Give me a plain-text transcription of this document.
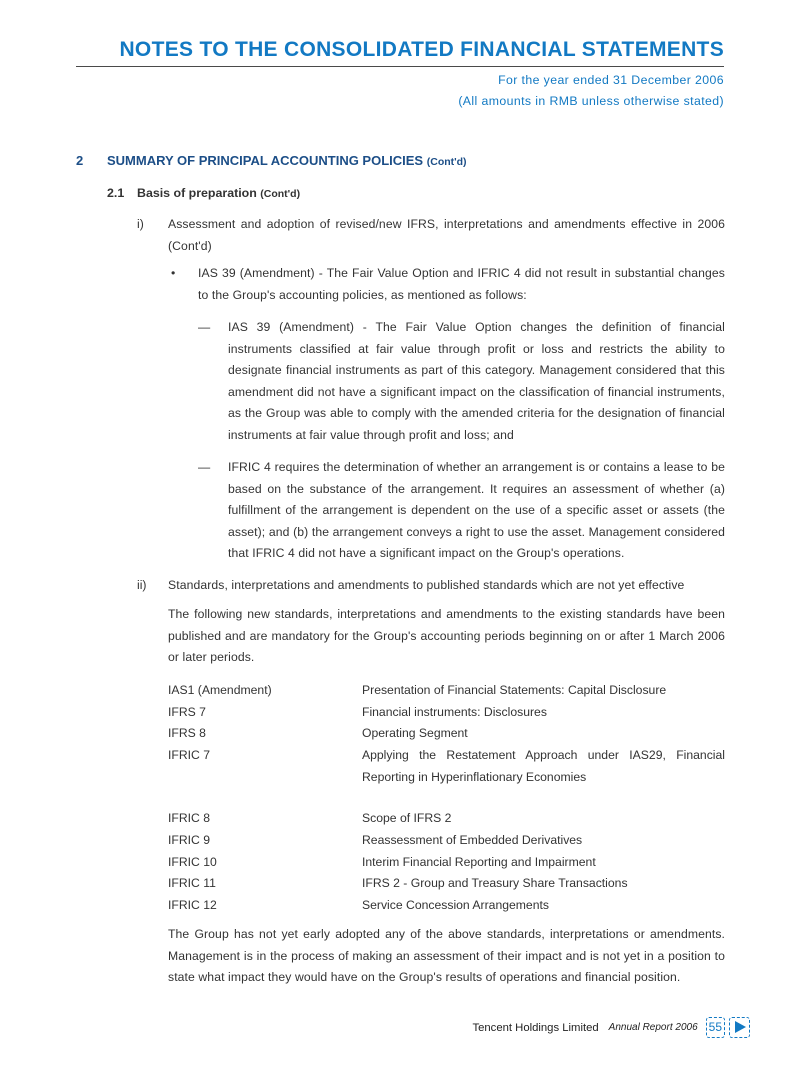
NOTES TO THE CONSOLIDATED FINANCIAL STATEMENTS
For the year ended 31 December 2006
(All amounts in RMB unless otherwise stated)
2 SUMMARY OF PRINCIPAL ACCOUNTING POLICIES (Cont'd)
2.1 Basis of preparation (Cont'd)
i) Assessment and adoption of revised/new IFRS, interpretations and amendments effective in 2006 (Cont'd)
• IAS 39 (Amendment) - The Fair Value Option and IFRIC 4 did not result in substantial changes to the Group's accounting policies, as mentioned as follows:
— IAS 39 (Amendment) - The Fair Value Option changes the definition of financial instruments classified at fair value through profit or loss and restricts the ability to designate financial instruments as part of this category. Management considered that this amendment did not have a significant impact on the classification of financial instruments, as the Group was able to comply with the amended criteria for the designation of financial instruments at fair value through profit and loss; and
— IFRIC 4 requires the determination of whether an arrangement is or contains a lease to be based on the substance of the arrangement. It requires an assessment of whether (a) fulfillment of the arrangement is dependent on the use of a specific asset or assets (the asset); and (b) the arrangement conveys a right to use the asset. Management considered that IFRIC 4 did not have a significant impact on the Group's operations.
ii) Standards, interpretations and amendments to published standards which are not yet effective
The following new standards, interpretations and amendments to the existing standards have been published and are mandatory for the Group's accounting periods beginning on or after 1 March 2006 or later periods.
IAS1 (Amendment)	Presentation of Financial Statements: Capital Disclosure
IFRS 7	Financial instruments: Disclosures
IFRS 8	Operating Segment
IFRIC 7	Applying the Restatement Approach under IAS29, Financial Reporting in Hyperinflationary Economies
IFRIC 8	Scope of IFRS 2
IFRIC 9	Reassessment of Embedded Derivatives
IFRIC 10	Interim Financial Reporting and Impairment
IFRIC 11	IFRS 2 - Group and Treasury Share Transactions
IFRIC 12	Service Concession Arrangements
The Group has not yet early adopted any of the above standards, interpretations or amendments. Management is in the process of making an assessment of their impact and is not yet in a position to state what impact they would have on the Group's results of operations and financial position.
Tencent Holdings Limited Annual Report 2006 55
